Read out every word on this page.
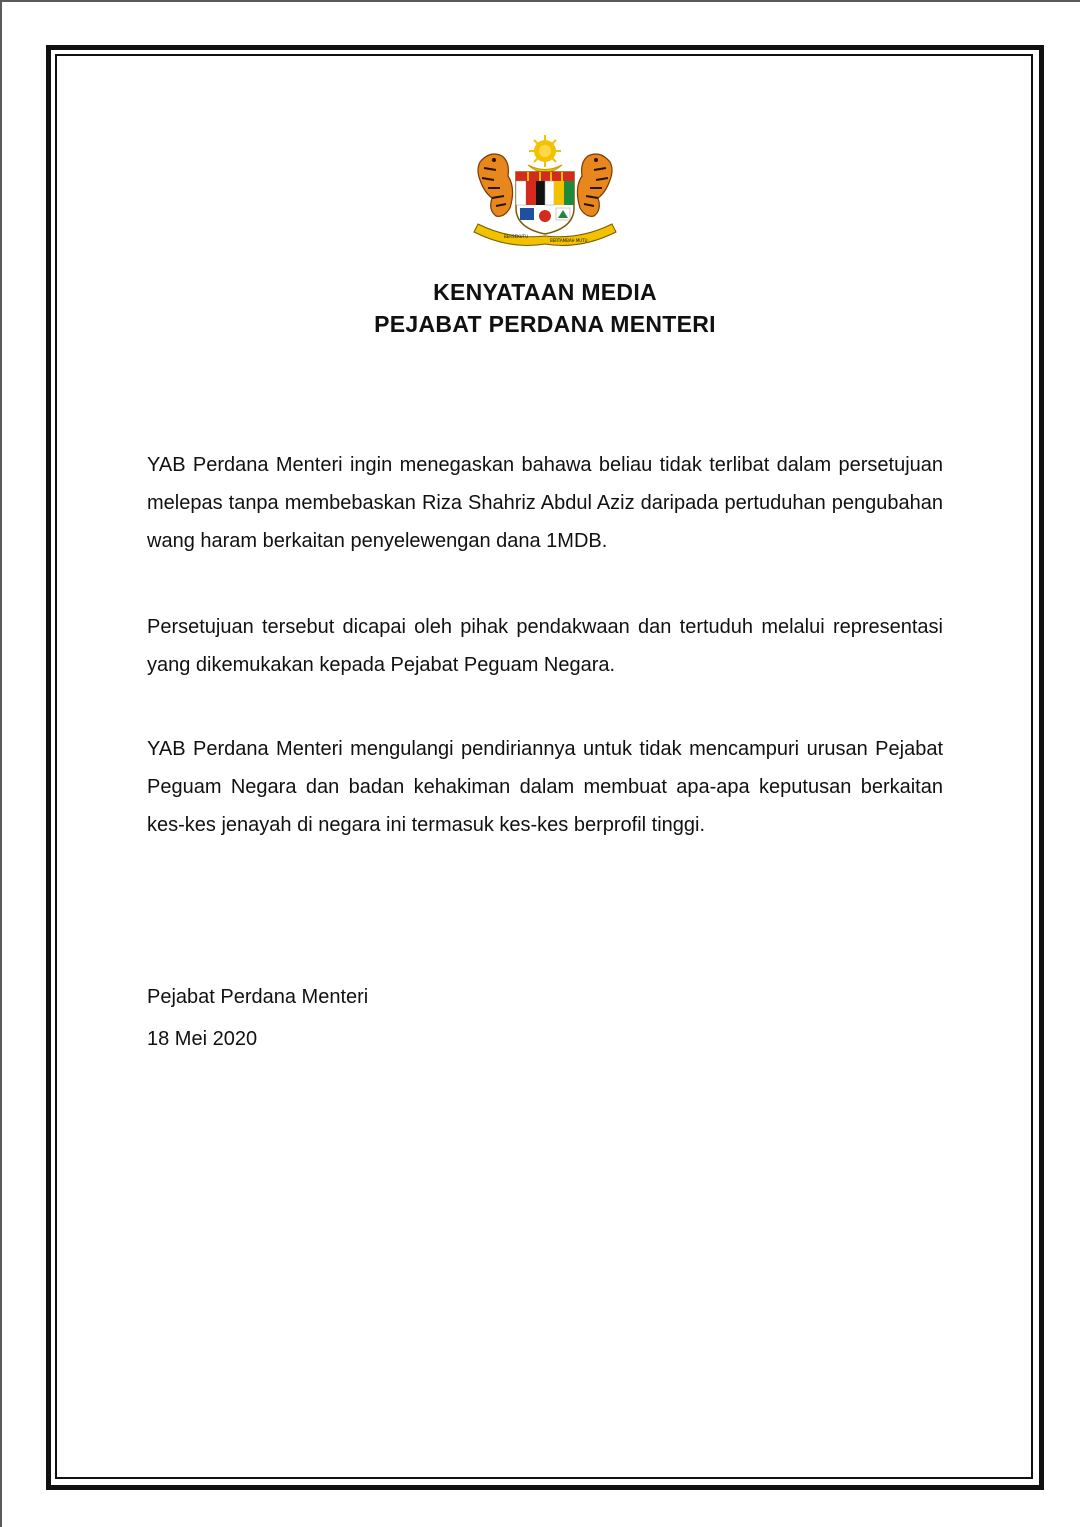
BERSEKUTU
BERTAMBAH MUTU
KENYATAAN MEDIA
PEJABAT PERDANA MENTERI

YAB Perdana Menteri ingin menegaskan bahawa beliau tidak terlibat dalam persetujuan melepas tanpa membebaskan Riza Shahriz Abdul Aziz daripada pertuduhan pengubahan wang haram berkaitan penyelewengan dana 1MDB.

Persetujuan tersebut dicapai oleh pihak pendakwaan dan tertuduh melalui representasi yang dikemukakan kepada Pejabat Peguam Negara.

YAB Perdana Menteri mengulangi pendiriannya untuk tidak mencampuri urusan Pejabat Peguam Negara dan badan kehakiman dalam membuat apa-apa keputusan berkaitan kes-kes jenayah di negara ini termasuk kes-kes berprofil tinggi.

Pejabat Perdana Menteri
18 Mei 2020
